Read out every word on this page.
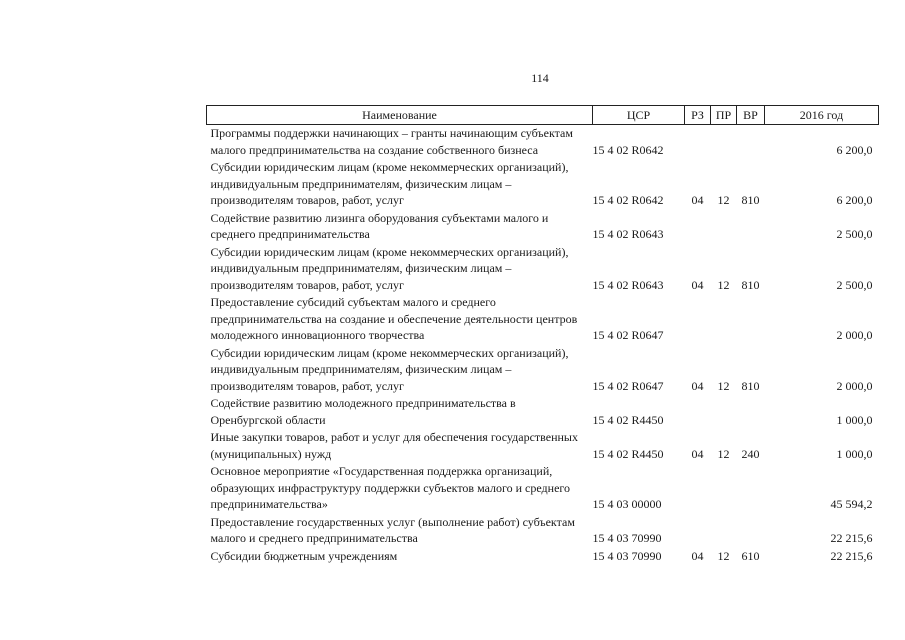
114
Наименование	ЦСР	РЗ	ПР	ВР	2016 год
Программы поддержки начинающих – гранты начинающим субъектам малого предпринимательства на создание собственного бизнеса	15 4 02 R0642				6 200,0
Субсидии юридическим лицам (кроме некоммерческих организаций), индивидуальным предпринимателям, физическим лицам – производителям товаров, работ, услуг	15 4 02 R0642	04	12	810	6 200,0
Содействие развитию лизинга оборудования субъектами малого и среднего предпринимательства	15 4 02 R0643				2 500,0
Субсидии юридическим лицам (кроме некоммерческих организаций), индивидуальным предпринимателям, физическим лицам – производителям товаров, работ, услуг	15 4 02 R0643	04	12	810	2 500,0
Предоставление субсидий субъектам малого и среднего предпринимательства на создание и обеспечение деятельности центров молодежного инновационного творчества	15 4 02 R0647				2 000,0
Субсидии юридическим лицам (кроме некоммерческих организаций), индивидуальным предпринимателям, физическим лицам – производителям товаров, работ, услуг	15 4 02 R0647	04	12	810	2 000,0
Содействие развитию молодежного предпринимательства в Оренбургской области	15 4 02 R4450				1 000,0
Иные закупки товаров, работ и услуг для обеспечения государственных (муниципальных) нужд	15 4 02 R4450	04	12	240	1 000,0
Основное мероприятие «Государственная поддержка организаций, образующих инфраструктуру поддержки субъектов малого и среднего предпринимательства»	15 4 03 00000				45 594,2
Предоставление государственных услуг (выполнение работ) субъектам малого и среднего предпринимательства	15 4 03 70990				22 215,6
Субсидии бюджетным учреждениям	15 4 03 70990	04	12	610	22 215,6
